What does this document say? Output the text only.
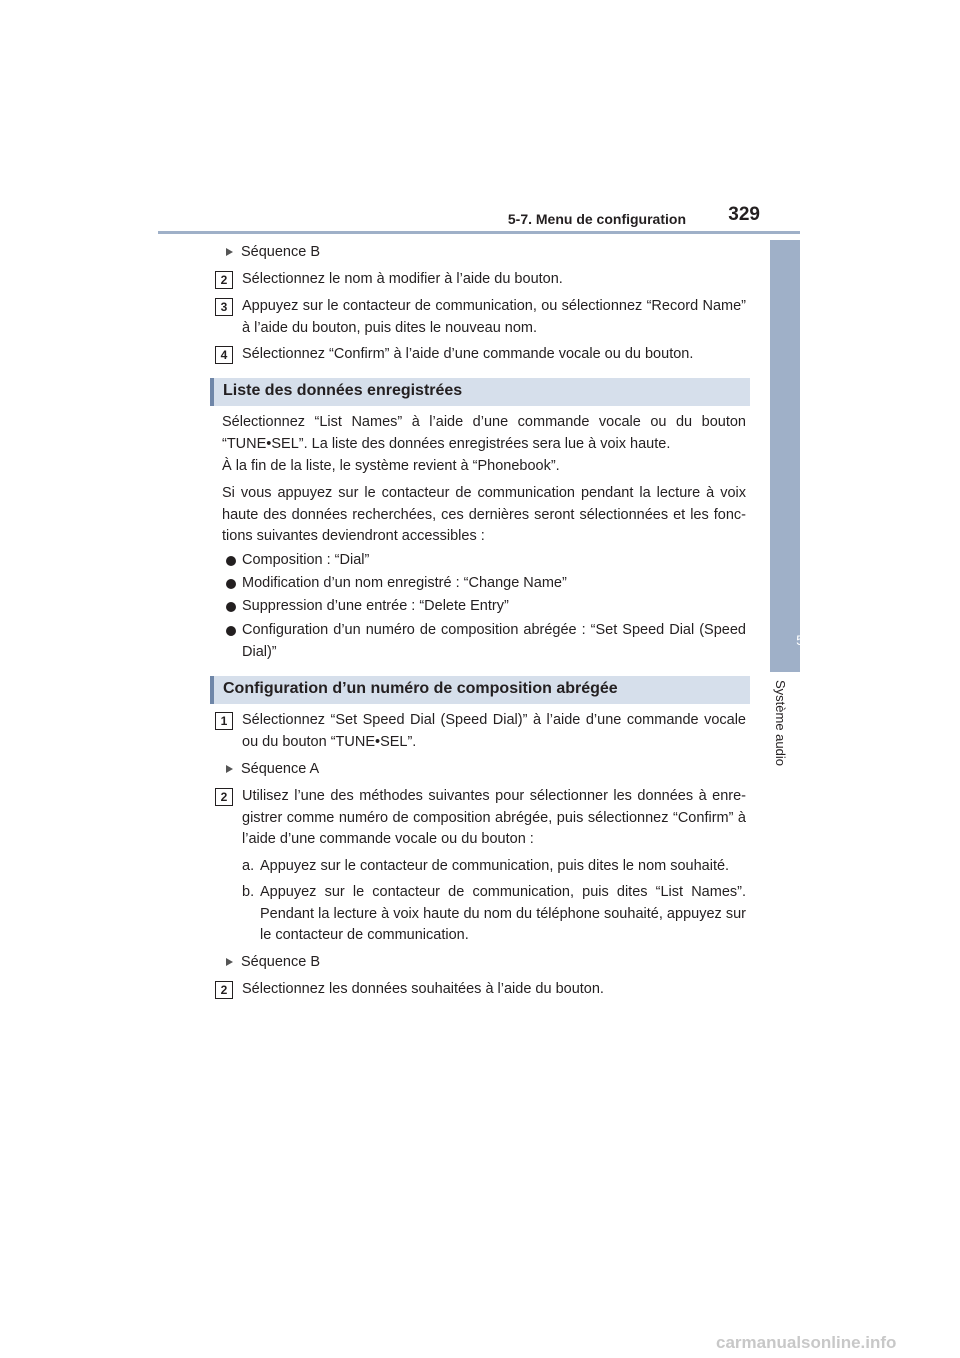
5-7. Menu de configuration 329
5
Système audio
Séquence B
2	Sélectionnez le nom à modifier à l’aide du bouton.
3	Appuyez sur le contacteur de communication, ou sélectionnez “Record Name” à l’aide du bouton, puis dites le nouveau nom.
4	Sélectionnez “Confirm” à l’aide d’une commande vocale ou du bouton.
Liste des données enregistrées
Sélectionnez “List Names” à l’aide d’une commande vocale ou du bouton “TUNE•SEL”. La liste des données enregistrées sera lue à voix haute.
À la fin de la liste, le système revient à “Phonebook”.
Si vous appuyez sur le contacteur de communication pendant la lecture à voix haute des données recherchées, ces dernières seront sélectionnées et les fonc-tions suivantes deviendront accessibles :
Composition : “Dial”
Modification d’un nom enregistré : “Change Name”
Suppression d’une entrée : “Delete Entry”
Configuration d’un numéro de composition abrégée : “Set Speed Dial (Speed Dial)”
Configuration d’un numéro de composition abrégée
1	Sélectionnez “Set Speed Dial (Speed Dial)” à l’aide d’une commande vocale ou du bouton “TUNE•SEL”.
Séquence A
2	Utilisez l’une des méthodes suivantes pour sélectionner les données à enre-gistrer comme numéro de composition abrégée, puis sélectionnez “Confirm” à l’aide d’une commande vocale ou du bouton :
a. Appuyez sur le contacteur de communication, puis dites le nom souhaité.
b. Appuyez sur le contacteur de communication, puis dites “List Names”. Pendant la lecture à voix haute du nom du téléphone souhaité, appuyez sur le contacteur de communication.
Séquence B
2	Sélectionnez les données souhaitées à l’aide du bouton.
carmanualsonline.info
